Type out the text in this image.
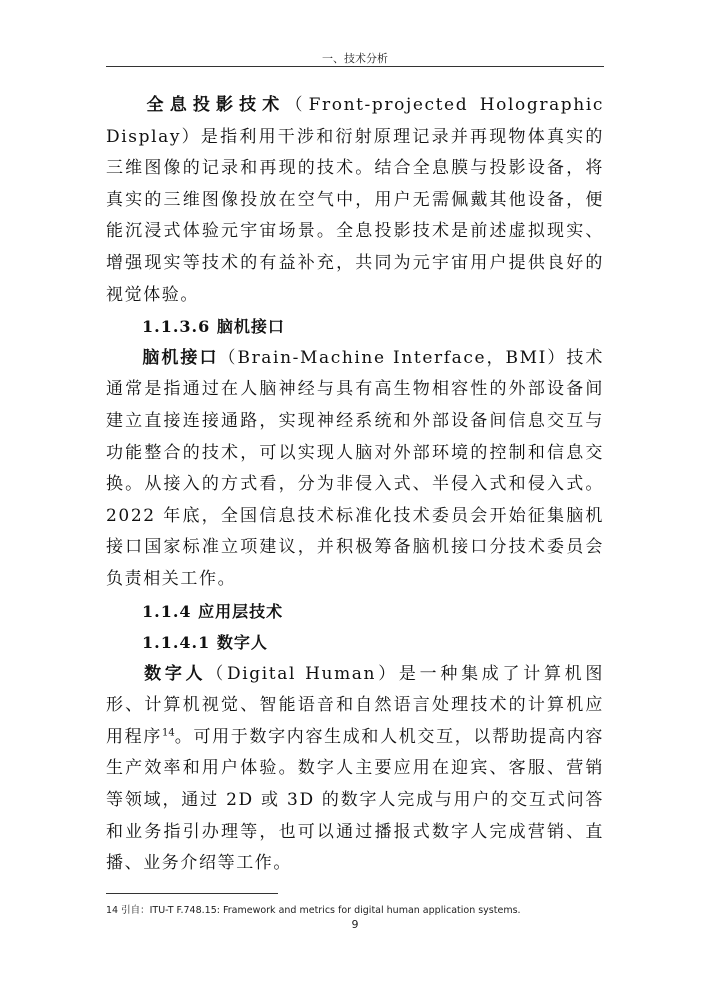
一、技术分析

全息投影技术（Front-projected Holographic Display）是指利用干涉和衍射原理记录并再现物体真实的三维图像的记录和再现的技术。结合全息膜与投影设备，将真实的三维图像投放在空气中，用户无需佩戴其他设备，便能沉浸式体验元宇宙场景。全息投影技术是前述虚拟现实、增强现实等技术的有益补充，共同为元宇宙用户提供良好的视觉体验。

1.1.3.6 脑机接口

脑机接口（Brain-Machine Interface，BMI）技术通常是指通过在人脑神经与具有高生物相容性的外部设备间建立直接连接通路，实现神经系统和外部设备间信息交互与功能整合的技术，可以实现人脑对外部环境的控制和信息交换。从接入的方式看，分为非侵入式、半侵入式和侵入式。2022 年底，全国信息技术标准化技术委员会开始征集脑机接口国家标准立项建议，并积极筹备脑机接口分技术委员会负责相关工作。

1.1.4 应用层技术

1.1.4.1 数字人

数字人（Digital Human）是一种集成了计算机图形、计算机视觉、智能语音和自然语言处理技术的计算机应用程序$^{14}$。可用于数字内容生成和人机交互，以帮助提高内容生产效率和用户体验。数字人主要应用在迎宾、客服、营销等领域，通过 2D 或 3D 的数字人完成与用户的交互式问答和业务指引办理等，也可以通过播报式数字人完成营销、直播、业务介绍等工作。

14 引自：ITU-T F.748.15: Framework and metrics for digital human application systems.
9
